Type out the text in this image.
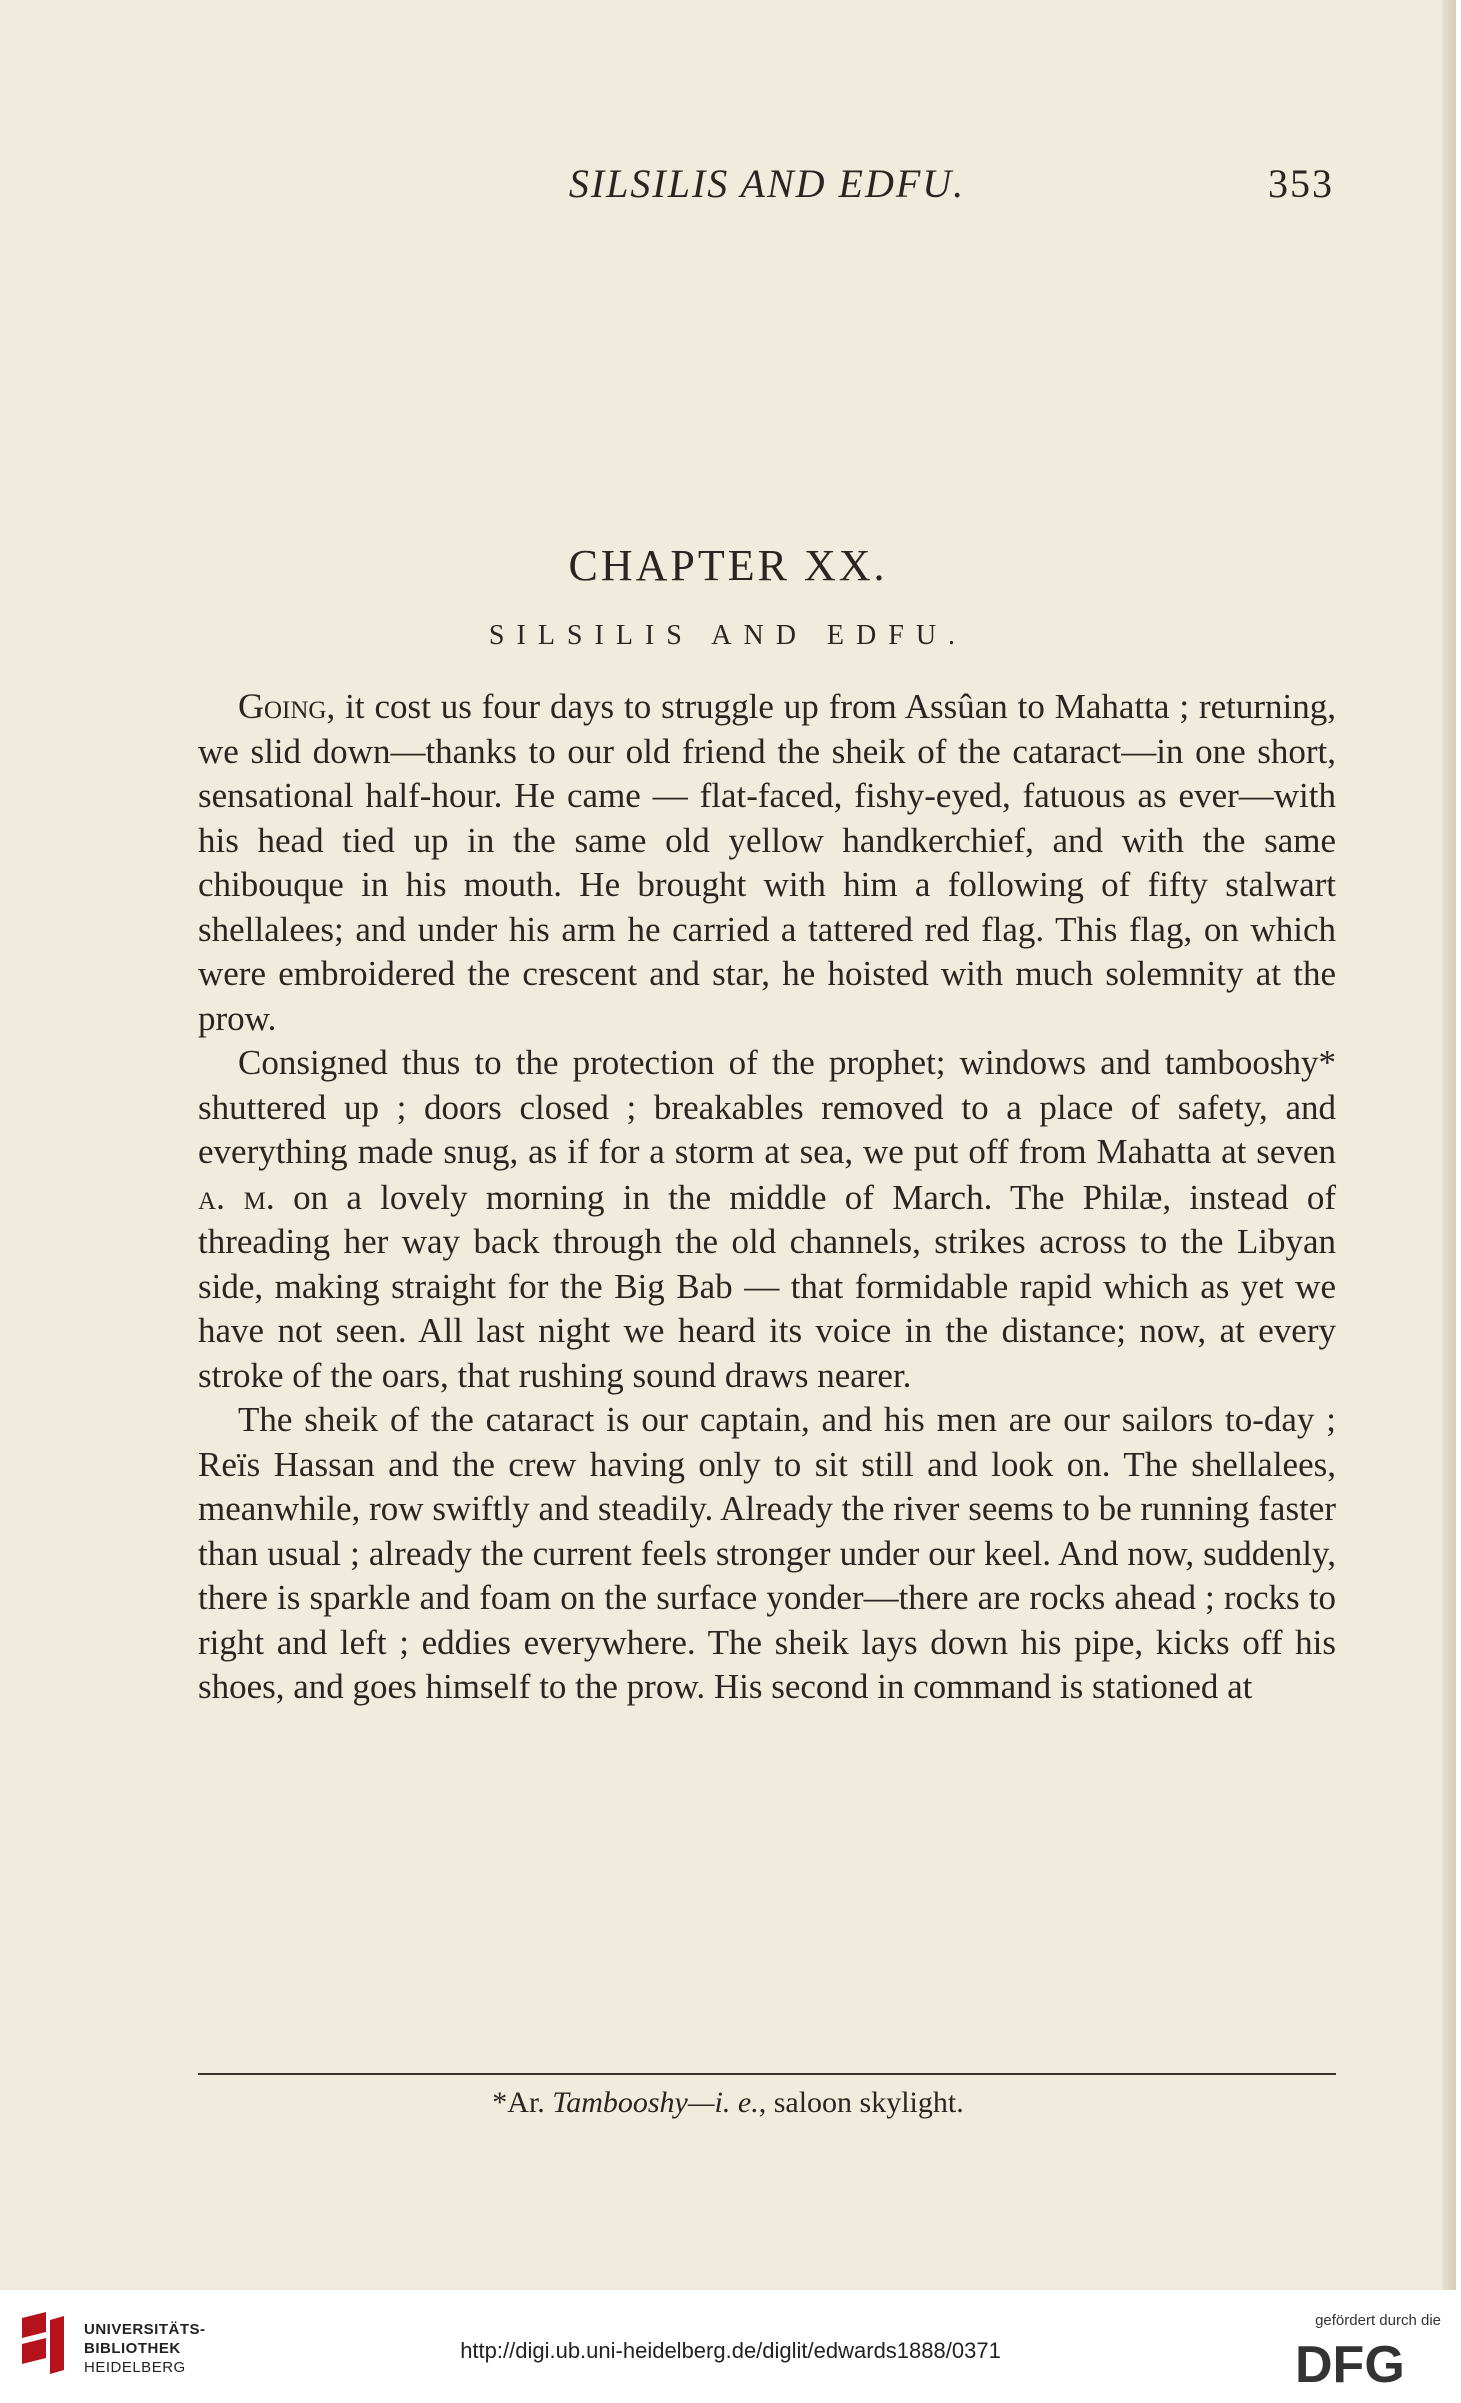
SILSILIS AND EDFU.	353
CHAPTER XX.
SILSILIS AND EDFU.

Going, it cost us four days to struggle up from Assûan to Mahatta ; returning, we slid down—thanks to our old friend the sheik of the cataract—in one short, sensational half-hour. He came — flat-faced, fishy-eyed, fatuous as ever—with his head tied up in the same old yellow handkerchief, and with the same chibouque in his mouth. He brought with him a following of fifty stalwart shellalees; and under his arm he carried a tattered red flag. This flag, on which were embroidered the crescent and star, he hoisted with much solemnity at the prow.

Consigned thus to the protection of the prophet; windows and tambooshy* shuttered up ; doors closed ; breakables removed to a place of safety, and everything made snug, as if for a storm at sea, we put off from Mahatta at seven a. m. on a lovely morning in the middle of March. The Philæ, instead of threading her way back through the old channels, strikes across to the Libyan side, making straight for the Big Bab — that formidable rapid which as yet we have not seen. All last night we heard its voice in the distance; now, at every stroke of the oars, that rushing sound draws nearer.

The sheik of the cataract is our captain, and his men are our sailors to-day ; Reïs Hassan and the crew having only to sit still and look on. The shellalees, meanwhile, row swiftly and steadily. Already the river seems to be running faster than usual ; already the current feels stronger under our keel. And now, suddenly, there is sparkle and foam on the surface yonder—there are rocks ahead ; rocks to right and left ; eddies everywhere. The sheik lays down his pipe, kicks off his shoes, and goes himself to the prow. His second in command is stationed at

*Ar. Tambooshy—i. e., saloon skylight.
UNIVERSITÄTS-
BIBLIOTHEK
HEIDELBERG
http://digi.ub.uni-heidelberg.de/diglit/edwards1888/0371
gefördert durch die
DFG
